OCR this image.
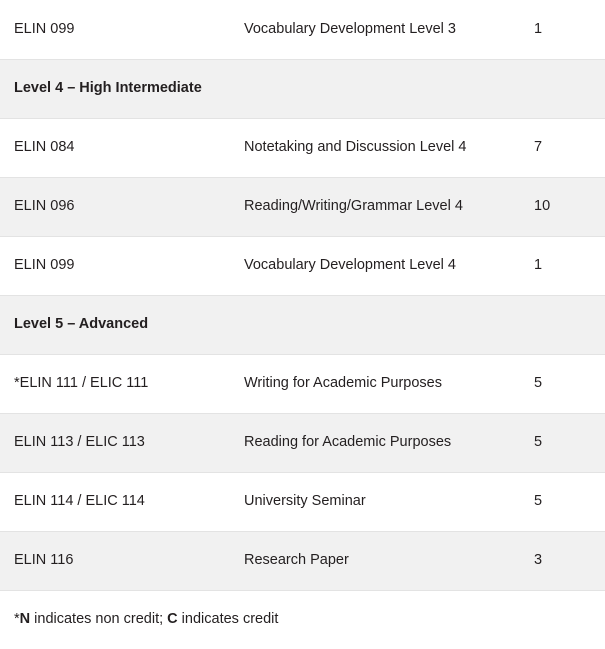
ELIN 099	Vocabulary Development Level 3	1
Level 4 – High Intermediate		
ELIN 084	Notetaking and Discussion Level 4	7
ELIN 096	Reading/Writing/Grammar Level 4	10
ELIN 099	Vocabulary Development Level 4	1
Level 5 – Advanced		
*ELIN 111 / ELIC 111	Writing for Academic Purposes	5
ELIN 113 / ELIC 113	Reading for Academic Purposes	5
ELIN 114 / ELIC 114	University Seminar	5
ELIN 116	Research Paper	3
*N indicates non credit; C indicates credit		
